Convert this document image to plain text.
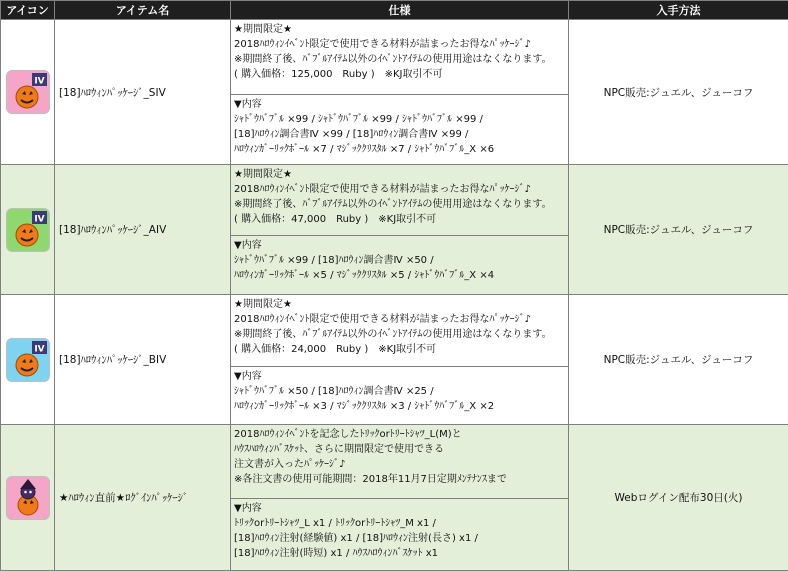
アイコン	アイテム名	仕様	入手方法

IV	[18]ﾊﾛｳｨﾝﾊﾟｯｹｰｼﾞ_SIV	★期間限定★
2018ﾊﾛｳｨﾝｲﾍﾞﾝﾄ限定で使用できる材料が詰まったお得なﾊﾟｯｹｰｼﾞ♪
※期間終了後、ﾊﾞﾌﾞﾙｱｲﾃﾑ以外のｲﾍﾞﾝﾄｱｲﾃﾑの使用用途はなくなります。
( 購入価格：125,000　Ruby )　※KJ取引不可	NPC販売:ジュエル、ジューコフ

		▼内容
ｼｬﾄﾞｳﾊﾞﾌﾞﾙ ×99 / ｼｬﾄﾞｳﾊﾞﾌﾞﾙ ×99 / ｼｬﾄﾞｳﾊﾞﾌﾞﾙ ×99 /
[18]ﾊﾛｳｨﾝ調合書Ⅳ ×99 / [18]ﾊﾛｳｨﾝ調合書Ⅳ ×99 /
ﾊﾛｳｨﾝｶﾞｰﾘｯｸﾎﾞｰﾙ ×7 / ﾏｼﾞｯｸｸﾘｽﾀﾙ ×7 / ｼｬﾄﾞｳﾊﾞﾌﾞﾙ_X ×6	

IV	[18]ﾊﾛｳｨﾝﾊﾟｯｹｰｼﾞ_AIV	★期間限定★
2018ﾊﾛｳｨﾝｲﾍﾞﾝﾄ限定で使用できる材料が詰まったお得なﾊﾟｯｹｰｼﾞ♪
※期間終了後、ﾊﾞﾌﾞﾙｱｲﾃﾑ以外のｲﾍﾞﾝﾄｱｲﾃﾑの使用用途はなくなります。
( 購入価格：47,000　Ruby )　※KJ取引不可	NPC販売:ジュエル、ジューコフ

		▼内容
ｼｬﾄﾞｳﾊﾞﾌﾞﾙ ×99 / [18]ﾊﾛｳｨﾝ調合書Ⅳ ×50 /
ﾊﾛｳｨﾝｶﾞｰﾘｯｸﾎﾞｰﾙ ×5 / ﾏｼﾞｯｸｸﾘｽﾀﾙ ×5 / ｼｬﾄﾞｳﾊﾞﾌﾞﾙ_X ×4	

IV	[18]ﾊﾛｳｨﾝﾊﾟｯｹｰｼﾞ_BIV	★期間限定★
2018ﾊﾛｳｨﾝｲﾍﾞﾝﾄ限定で使用できる材料が詰まったお得なﾊﾟｯｹｰｼﾞ♪
※期間終了後、ﾊﾞﾌﾞﾙｱｲﾃﾑ以外のｲﾍﾞﾝﾄｱｲﾃﾑの使用用途はなくなります。
( 購入価格：24,000　Ruby )　※KJ取引不可	NPC販売:ジュエル、ジューコフ

		▼内容
ｼｬﾄﾞｳﾊﾞﾌﾞﾙ ×50 / [18]ﾊﾛｳｨﾝ調合書Ⅳ ×25 /
ﾊﾛｳｨﾝｶﾞｰﾘｯｸﾎﾞｰﾙ ×3 / ﾏｼﾞｯｸｸﾘｽﾀﾙ ×3 / ｼｬﾄﾞｳﾊﾞﾌﾞﾙ_X ×2	

	★ﾊﾛｳｨﾝ直前★ﾛｸﾞｲﾝﾊﾟｯｹｰｼﾞ	2018ﾊﾛｳｨﾝｲﾍﾞﾝﾄを記念したﾄﾘｯｸorﾄﾘｰﾄｼｬﾂ_L(M)と
ﾊｳｽﾊﾛｳｨﾝﾊﾞｽｹｯﾄ、さらに期間限定で使用できる
注文書が入ったﾊﾟｯｹｰｼﾞ♪
※各注文書の使用可能期間：2018年11月7日定期ﾒﾝﾃﾅﾝｽまで	Webログイン配布30日(火)

		▼内容
ﾄﾘｯｸorﾄﾘｰﾄｼｬﾂ_L x1 / ﾄﾘｯｸorﾄﾘｰﾄｼｬﾂ_M x1 /
[18]ﾊﾛｳｨﾝ注射(経験値) x1 / [18]ﾊﾛｳｨﾝ注射(長さ) x1 /
[18]ﾊﾛｳｨﾝ注射(時短) x1 / ﾊｳｽﾊﾛｳｨﾝﾊﾞｽｹｯﾄ x1	
